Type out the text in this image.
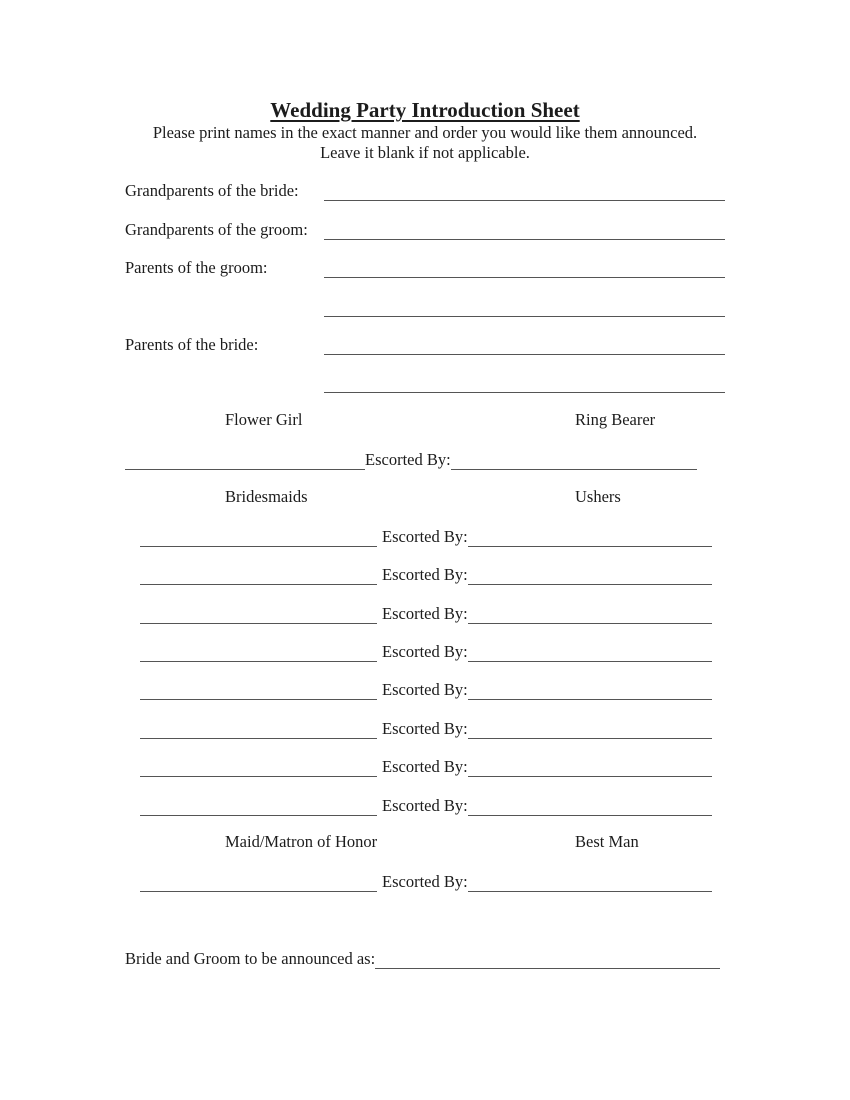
Wedding Party Introduction Sheet
Please print names in the exact manner and order you would like them announced.
Leave it blank if not applicable.
Grandparents of the bride:
Grandparents of the groom:
Parents of the groom:
Parents of the bride:
Flower Girl	Ring Bearer
Escorted By:
Bridesmaids	Ushers
Escorted By:
Escorted By:
Escorted By:
Escorted By:
Escorted By:
Escorted By:
Escorted By:
Escorted By:
Maid/Matron of Honor	Best Man
Escorted By:
Bride and Groom to be announced as:
